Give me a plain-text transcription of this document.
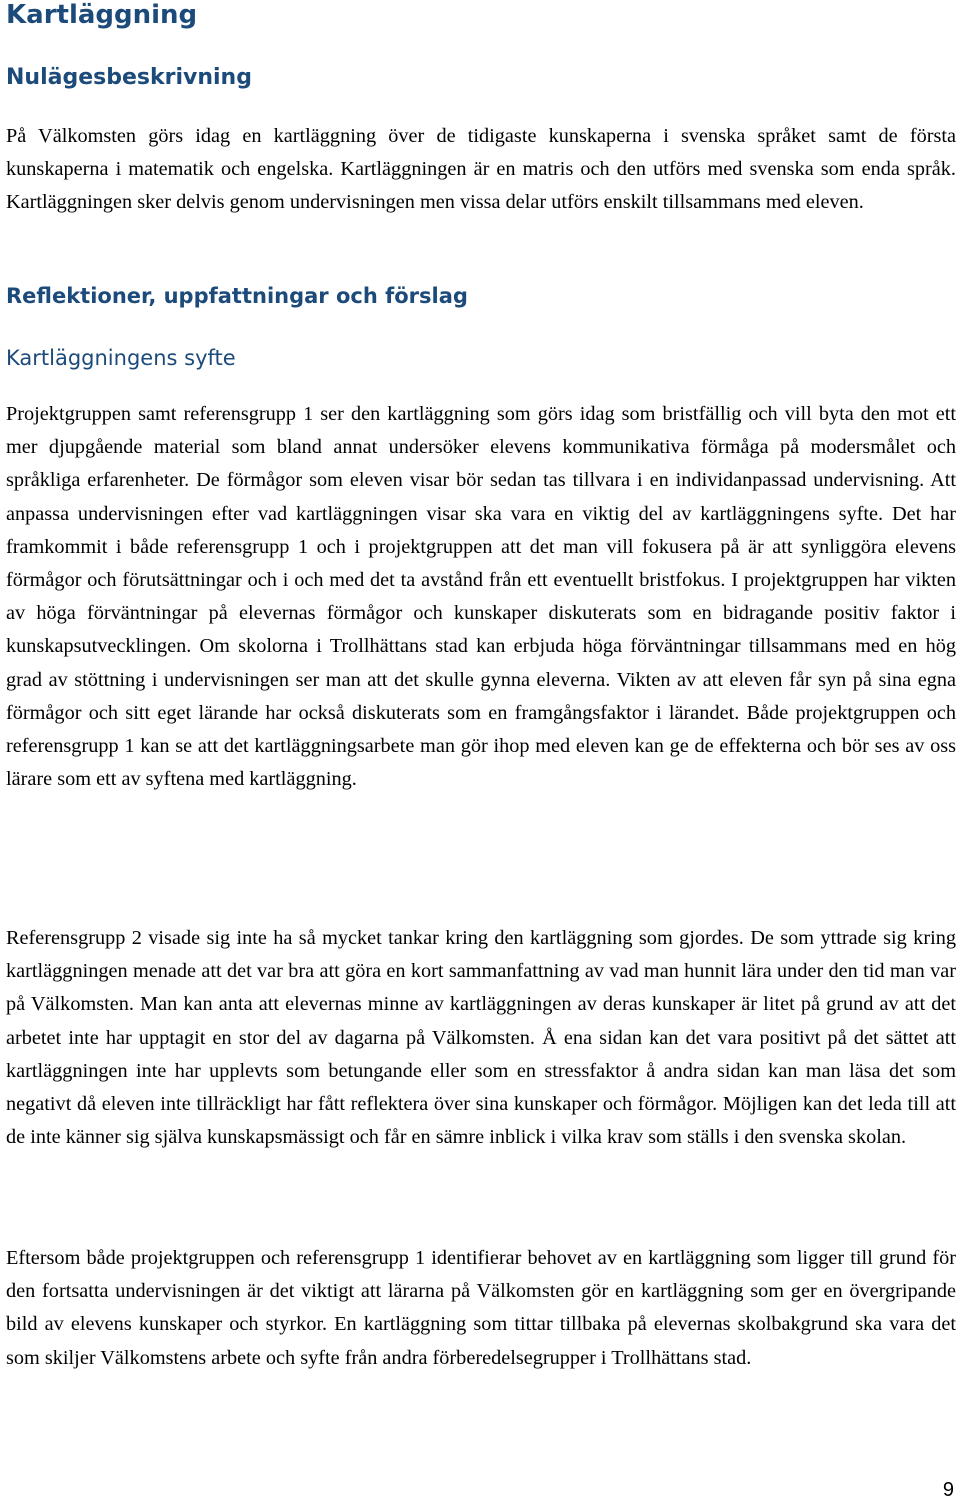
Kartläggning
Nulägesbeskrivning

På Välkomsten görs idag en kartläggning över de tidigaste kunskaperna i svenska språket samt de första kunskaperna i matematik och engelska. Kartläggningen är en matris och den utförs med svenska som enda språk. Kartläggningen sker delvis genom undervisningen men vissa delar utförs enskilt tillsammans med eleven.

Reflektioner, uppfattningar och förslag
Kartläggningens syfte

Projektgruppen samt referensgrupp 1 ser den kartläggning som görs idag som bristfällig och vill byta den mot ett mer djupgående material som bland annat undersöker elevens kommunikativa förmåga på modersmålet och språkliga erfarenheter. De förmågor som eleven visar bör sedan tas tillvara i en individanpassad undervisning. Att anpassa undervisningen efter vad kartläggningen visar ska vara en viktig del av kartläggningens syfte. Det har framkommit i både referensgrupp 1 och i projektgruppen att det man vill fokusera på är att synliggöra elevens förmågor och förutsättningar och i och med det ta avstånd från ett eventuellt bristfokus. I projektgruppen har vikten av höga förväntningar på elevernas förmågor och kunskaper diskuterats som en bidragande positiv faktor i kunskapsutvecklingen. Om skolorna i Trollhättans stad kan erbjuda höga förväntningar tillsammans med en hög grad av stöttning i undervisningen ser man att det skulle gynna eleverna. Vikten av att eleven får syn på sina egna förmågor och sitt eget lärande har också diskuterats som en framgångsfaktor i lärandet. Både projektgruppen och referensgrupp 1 kan se att det kartläggningsarbete man gör ihop med eleven kan ge de effekterna och bör ses av oss lärare som ett av syftena med kartläggning.

Referensgrupp 2 visade sig inte ha så mycket tankar kring den kartläggning som gjordes. De som yttrade sig kring kartläggningen menade att det var bra att göra en kort sammanfattning av vad man hunnit lära under den tid man var på Välkomsten. Man kan anta att elevernas minne av kartläggningen av deras kunskaper är litet på grund av att det arbetet inte har upptagit en stor del av dagarna på Välkomsten. Å ena sidan kan det vara positivt på det sättet att kartläggningen inte har upplevts som betungande eller som en stressfaktor å andra sidan kan man läsa det som negativt då eleven inte tillräckligt har fått reflektera över sina kunskaper och förmågor. Möjligen kan det leda till att de inte känner sig själva kunskapsmässigt och får en sämre inblick i vilka krav som ställs i den svenska skolan.

Eftersom både projektgruppen och referensgrupp 1 identifierar behovet av en kartläggning som ligger till grund för den fortsatta undervisningen är det viktigt att lärarna på Välkomsten gör en kartläggning som ger en övergripande bild av elevens kunskaper och styrkor. En kartläggning som tittar tillbaka på elevernas skolbakgrund ska vara det som skiljer Välkomstens arbete och syfte från andra förberedelsegrupper i Trollhättans stad.

9
